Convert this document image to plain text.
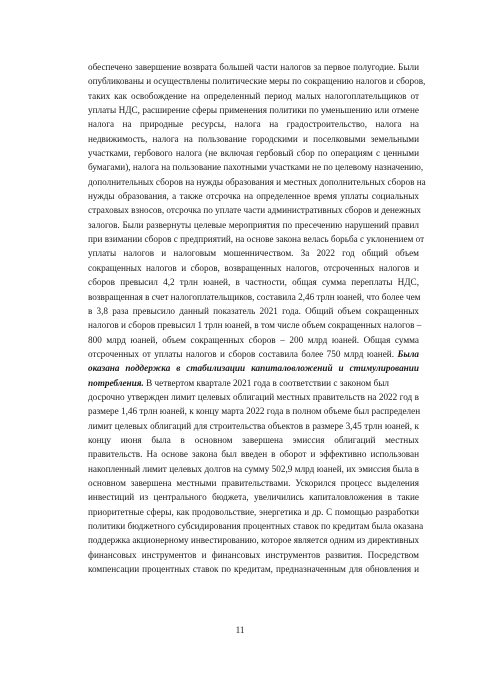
обеспечено завершение возврата большей части налогов за первое полугодие. Были
опубликованы и осуществлены политические меры по сокращению налогов и сборов,
таких как освобождение на определенный период малых налогоплательщиков от
уплаты НДС, расширение сферы применения политики по уменьшению или отмене
налога на природные ресурсы, налога на градостроительство, налога на
недвижимость, налога на пользование городскими и поселковыми земельными
участками, гербового налога (не включая гербовый сбор по операциям с ценными
бумагами), налога на пользование пахотными участками не по целевому назначению,
дополнительных сборов на нужды образования и местных дополнительных сборов на
нужды образования, а также отсрочка на определенное время уплаты социальных
страховых взносов, отсрочка по уплате части административных сборов и денежных
залогов. Были развернуты целевые мероприятия по пресечению нарушений правил
при взимании сборов с предприятий, на основе закона велась борьба с уклонением от
уплаты налогов и налоговым мошенничеством. За 2022 год общий объем
сокращенных налогов и сборов, возвращенных налогов, отсроченных налогов и
сборов превысил 4,2 трлн юаней, в частности, общая сумма переплаты НДС,
возвращенная в счет налогоплательщиков, составила 2,46 трлн юаней, что более чем
в 3,8 раза превысило данный показатель 2021 года. Общий объем сокращенных
налогов и сборов превысил 1 трлн юаней, в том числе объем сокращенных налогов –
800 млрд юаней, объем сокращенных сборов – 200 млрд юаней. Общая сумма
отсроченных от уплаты налогов и сборов составила более 750 млрд юаней. Была
оказана поддержка в стабилизации капиталовложений и стимулировании
потребления. В четвертом квартале 2021 года в соответствии с законом был
досрочно утвержден лимит целевых облигаций местных правительств на 2022 год в
размере 1,46 трлн юаней, к концу марта 2022 года в полном объеме был распределен
лимит целевых облигаций для строительства объектов в размере 3,45 трлн юаней, к
концу июня была в основном завершена эмиссия облигаций местных
правительств. На основе закона был введен в оборот и эффективно использован
накопленный лимит целевых долгов на сумму 502,9 млрд юаней, их эмиссия была в
основном завершена местными правительствами. Ускорился процесс выделения
инвестиций из центрального бюджета, увеличились капиталовложения в такие
приоритетные сферы, как продовольствие, энергетика и др. С помощью разработки
политики бюджетного субсидирования процентных ставок по кредитам была оказана
поддержка акционерному инвестированию, которое является одним из директивных
финансовых инструментов и финансовых инструментов развития. Посредством
компенсации процентных ставок по кредитам, предназначенным для обновления и
11
